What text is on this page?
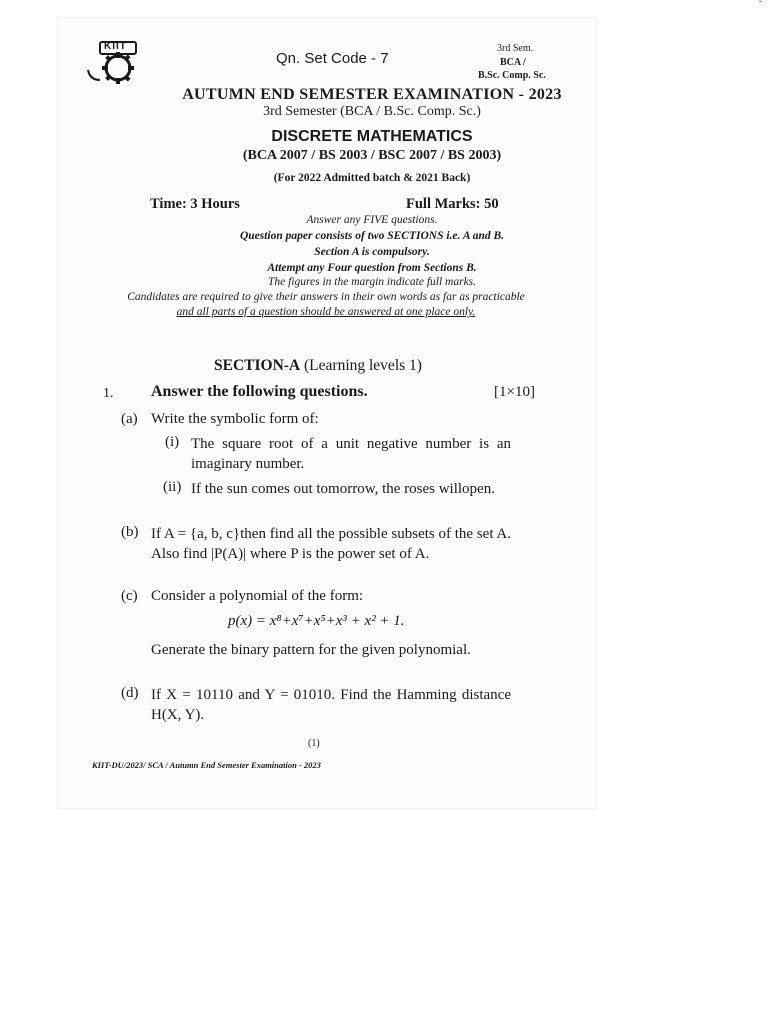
KIIT
Qn. Set Code - 7
3rd Sem.
BCA /
B.Sc. Comp. Sc.
AUTUMN END SEMESTER EXAMINATION - 2023
3rd Semester (BCA / B.Sc. Comp. Sc.)
DISCRETE MATHEMATICS
(BCA 2007 / BS 2003 / BSC 2007 / BS 2003)
(For 2022 Admitted batch & 2021 Back)
Time: 3 Hours	Full Marks: 50
Answer any FIVE questions.
Question paper consists of two SECTIONS i.e. A and B.
Section A is compulsory.
Attempt any Four question from Sections B.
The figures in the margin indicate full marks.
Candidates are required to give their answers in their own words as far as practicable
and all parts of a question should be answered at one place only.
SECTION-A (Learning levels 1)
1. Answer the following questions.	[1×10]
(a) Write the symbolic form of:
(i) The square root of a unit negative number is an imaginary number.
(ii) If the sun comes out tomorrow, the roses willopen.
(b) If A = {a, b, c}then find all the possible subsets of the set A. Also find |P(A)| where P is the power set of A.
(c) Consider a polynomial of the form:
p(x) = x⁸+x⁷+x⁵+x³ + x² + 1.
Generate the binary pattern for the given polynomial.
(d) If X = 10110 and Y = 01010. Find the Hamming distance H(X, Y).
(1)
KIIT-DU/2023/ SCA / Autumn End Semester Examination - 2023
ˇ
